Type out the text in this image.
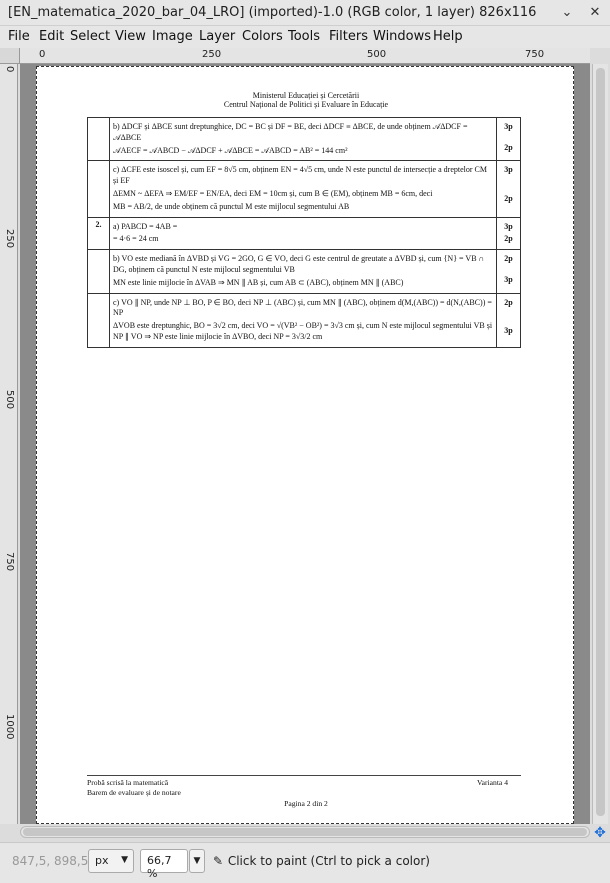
[EN_matematica_2020_bar_04_LRO] (imported)-1.0 (RGB color, 1 layer) 826x116	⌄ ✕
File Edit Select View Image Layer Colors Tools Filters Windows Help
0	250	500	750
0
250
500
750
1000
Ministerul Educației și Cercetării
Centrul Național de Politici și Evaluare în Educație

	b) ΔDCF și ΔBCE sunt dreptunghice, DC = BC și DF = BE, deci ΔDCF ≡ ΔBCE, de unde obținem 𝒜ΔDCF = 𝒜ΔBCE
𝒜AECF = 𝒜ABCD − 𝒜ΔDCF + 𝒜ΔBCE = 𝒜ABCD = AB² = 144 cm²	3p
2p

	c) ΔCFE este isoscel și, cum EF = 8√5 cm, obținem EN = 4√5 cm, unde N este punctul de intersecție a dreptelor CM și EF
ΔEMN ~ ΔEFA ⇒ EM/EF = EN/EA, deci EM = 10cm și, cum B ∈ (EM), obținem MB = 6cm, deci
MB = AB/2, de unde obținem că punctul M este mijlocul segmentului AB	3p
2p

2.	a) PABCD = 4AB =
= 4·6 = 24 cm	3p
2p

	b) VO este mediană în ΔVBD și VG = 2GO, G ∈ VO, deci G este centrul de greutate a ΔVBD și, cum {N} = VB ∩ DG, obținem că punctul N este mijlocul segmentului VB
MN este linie mijlocie în ΔVAB ⇒ MN ∥ AB și, cum AB ⊂ (ABC), obținem MN ∥ (ABC)	2p
3p

	c) VO ∥ NP, unde NP ⊥ BO, P ∈ BO, deci NP ⊥ (ABC) și, cum MN ∥ (ABC), obținem d(M,(ABC)) = d(N,(ABC)) = NP
ΔVOB este dreptunghic, BO = 3√2 cm, deci VO = √(VB² − OB²) = 3√3 cm și, cum N este mijlocul segmentului VB și NP ∥ VO ⇒ NP este linie mijlocie în ΔVBO, deci NP = 3√3/2 cm	2p
3p
Probă scrisă la matematică	Varianta 4
Barem de evaluare și de notare
Pagina 2 din 2
✥
847,5, 898,5 px ▼	66,7 %
▼	✎ Click to paint (Ctrl to pick a color)
